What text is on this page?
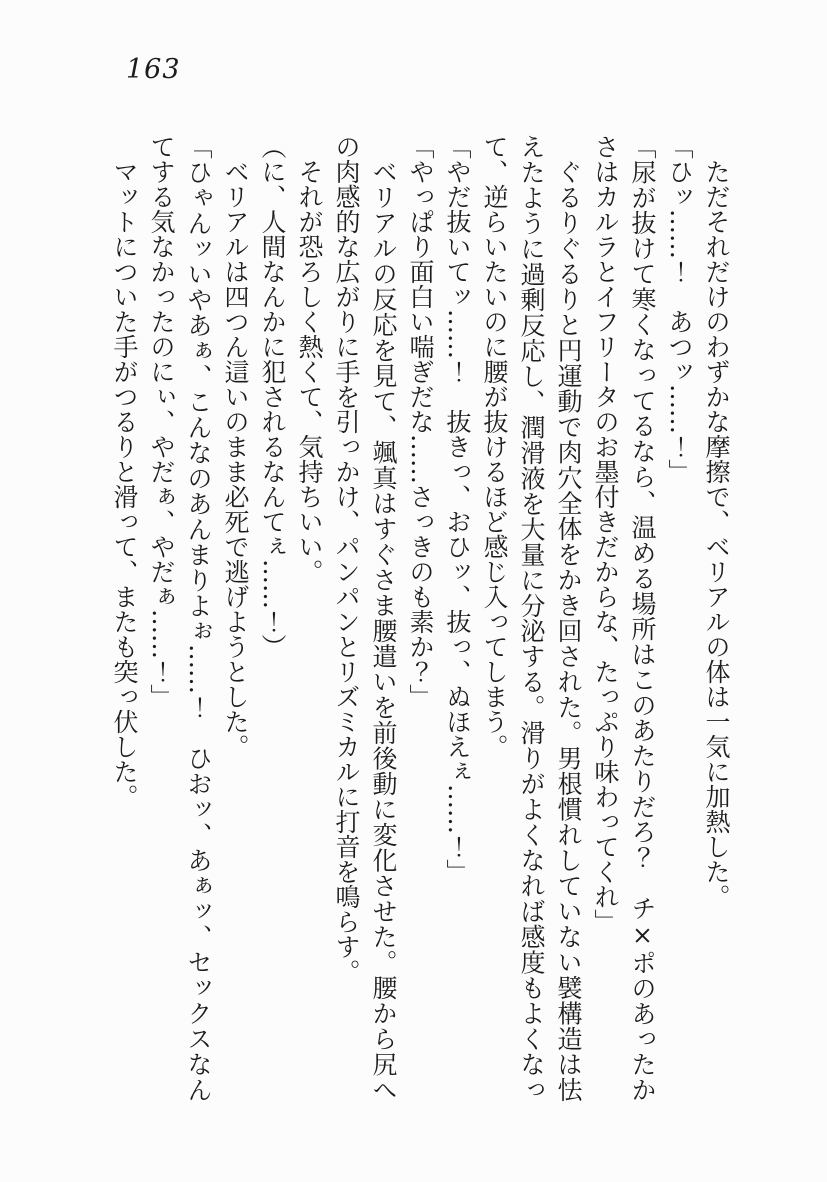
163

ただそれだけのわずかな摩擦で、ベリアルの体は一気に加熱した。

「ひッ……！　あつッ……！」

「尿が抜けて寒くなってるなら、温める場所はこのあたりだろ？　チ×ポのあったかさはカルラとイフリータのお墨付きだからな、たっぷり味わってくれ」

ぐるりぐるりと円運動で肉穴全体をかき回された。男根慣れしていない襞構造は怯えたように過剰反応し、潤滑液を大量に分泌する。滑りがよくなれば感度もよくなって、逆らいたいのに腰が抜けるほど感じ入ってしまう。

「やだ抜いてッ……！　抜きっ、おひッ、抜っ、ぬほえぇ……！」

「やっぱり面白い喘ぎだな……さっきのも素か？」

ベリアルの反応を見て、颯真はすぐさま腰遣いを前後動に変化させた。腰から尻への肉感的な広がりに手を引っかけ、パンパンとリズミカルに打音を鳴らす。

それが恐ろしく熱くて、気持ちいい。

（に、人間なんかに犯されるなんてぇ……！）

ベリアルは四つん這いのまま必死で逃げようとした。

「ひゃんッいやあぁ、こんなのあんまりよぉ……！　ひおッ、あぁッ、セックスなんてする気なかったのにぃ、やだぁ、やだぁ……！」

マットについた手がつるりと滑って、またも突っ伏した。
